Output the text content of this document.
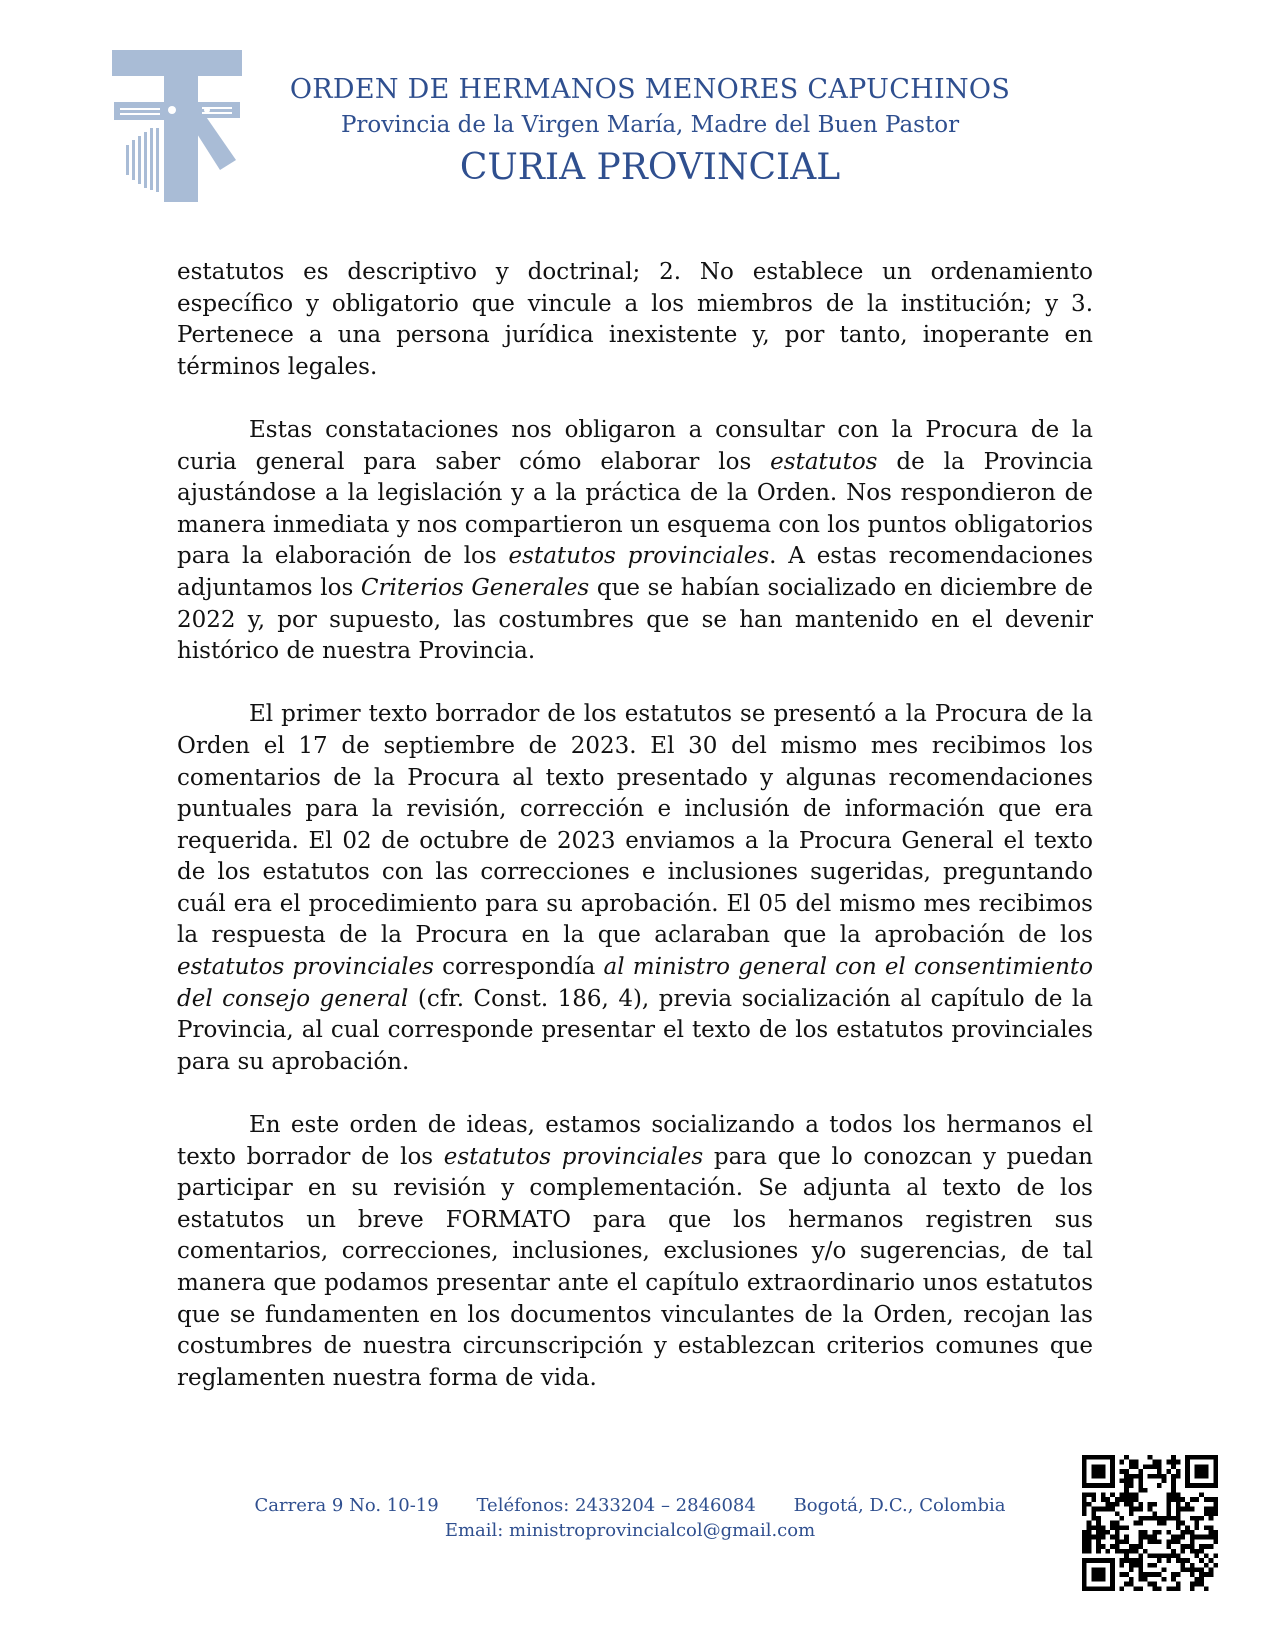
ORDEN DE HERMANOS MENORES CAPUCHINOS
Provincia de la Virgen María, Madre del Buen Pastor
CURIA PROVINCIAL

estatutos es descriptivo y doctrinal; 2. No establece un ordenamiento específico y obligatorio que vincule a los miembros de la institución; y 3. Pertenece a una persona jurídica inexistente y, por tanto, inoperante en términos legales.

Estas constataciones nos obligaron a consultar con la Procura de la curia general para saber cómo elaborar los estatutos de la Provincia ajustándose a la legislación y a la práctica de la Orden. Nos respondieron de manera inmediata y nos compartieron un esquema con los puntos obligatorios para la elaboración de los estatutos provinciales. A estas recomendaciones adjuntamos los Criterios Generales que se habían socializado en diciembre de 2022 y, por supuesto, las costumbres que se han mantenido en el devenir histórico de nuestra Provincia.

El primer texto borrador de los estatutos se presentó a la Procura de la Orden el 17 de septiembre de 2023. El 30 del mismo mes recibimos los comentarios de la Procura al texto presentado y algunas recomendaciones puntuales para la revisión, corrección e inclusión de información que era requerida. El 02 de octubre de 2023 enviamos a la Procura General el texto de los estatutos con las correcciones e inclusiones sugeridas, preguntando cuál era el procedimiento para su aprobación. El 05 del mismo mes recibimos la respuesta de la Procura en la que aclaraban que la aprobación de los estatutos provinciales correspondía al ministro general con el consentimiento del consejo general (cfr. Const. 186, 4), previa socialización al capítulo de la Provincia, al cual corresponde presentar el texto de los estatutos provinciales para su aprobación.

En este orden de ideas, estamos socializando a todos los hermanos el texto borrador de los estatutos provinciales para que lo conozcan y puedan participar en su revisión y complementación. Se adjunta al texto de los estatutos un breve FORMATO para que los hermanos registren sus comentarios, correcciones, inclusiones, exclusiones y/o sugerencias, de tal manera que podamos presentar ante el capítulo extraordinario unos estatutos que se fundamenten en los documentos vinculantes de la Orden, recojan las costumbres de nuestra circunscripción y establezcan criterios comunes que reglamenten nuestra forma de vida.

Carrera 9 No. 10-19 Teléfonos: 2433204 – 2846084 Bogotá, D.C., Colombia
Email: ministroprovincialcol@gmail.com
